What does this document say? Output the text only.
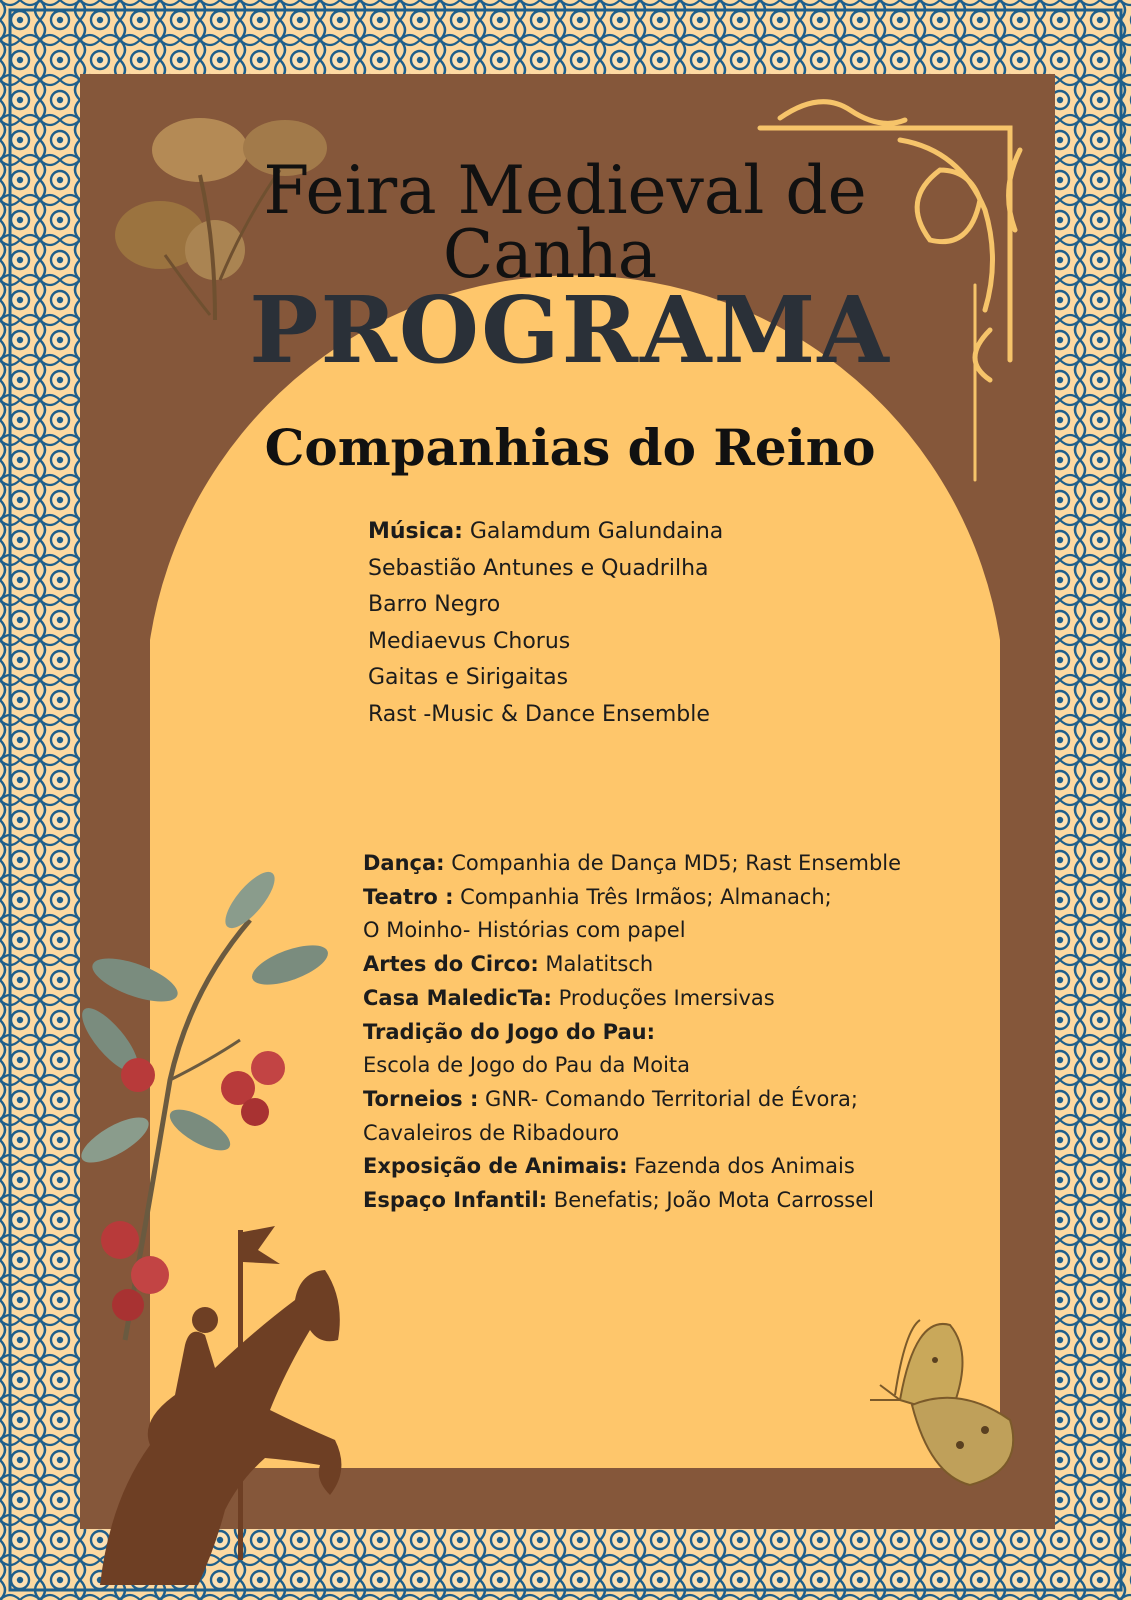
Feira Medieval de
Canha
PROGRAMA
Companhias do Reino
Música: Galamdum Galundaina
Sebastião Antunes e Quadrilha
Barro Negro
Mediaevus Chorus
Gaitas e Sirigaitas
Rast -Music & Dance Ensemble
Dança: Companhia de Dança MD5; Rast Ensemble
Teatro : Companhia Três Irmãos; Almanach;
O Moinho- Histórias com papel
Artes do Circo: Malatitsch
Casa MaledicTa: Produções Imersivas
Tradição do Jogo do Pau:
Escola de Jogo do Pau da Moita
Torneios : GNR- Comando Territorial de Évora;
Cavaleiros de Ribadouro
Exposição de Animais: Fazenda dos Animais
Espaço Infantil: Benefatis; João Mota Carrossel
